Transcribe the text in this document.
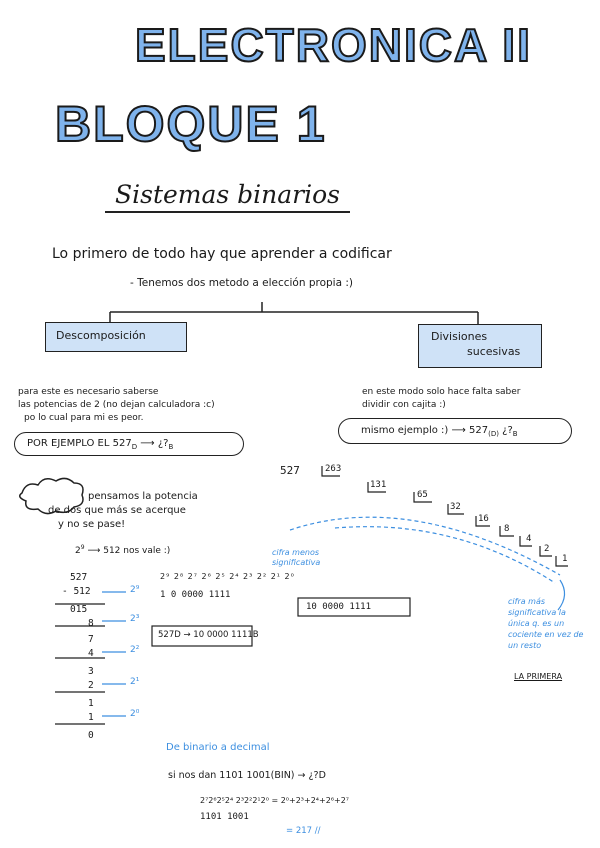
ELECTRONICA II
BLOQUE 1
Sistemas binarios
Lo primero de todo hay que aprender a codificar
- Tenemos dos metodo a elección propia :)
Descomposición	Divisiones
sucesivas
para este es necesario saberse
las potencias de 2 (no dejan calculadora :c)
po lo cual para mi es peor.
POR EJEMPLO EL $527_D$ ⟶ ¿$?_B$
en este modo solo hace falta saber
dividir con cajita :)
mismo ejemplo :) ⟶ $527_{(D)}$ ¿$?_B$
pensamos la potencia
de dos que más se acerque
y no se pase!
$2^9$ ⟶ 512 nos vale :)
527
- 512
015
8
7
4
3
2
1
1
0
2⁹
2³
2²
2¹
2⁰
2⁹ 2⁸ 2⁷ 2⁶ 2⁵ 2⁴ 2³ 2² 2¹ 2⁰
1 0 0000 1111
527D → 10 0000 1111B
527	263
131
65
32
16
8
4
2
1
10 0000 1111
cifra menos significativa
cifra más significativa la única q. es un cociente en vez de un resto
LA PRIMERA
De binario a decimal
si nos dan 1101 1001(BIN) → ¿?D
2⁷2⁶2⁵2⁴ 2³2²2¹2⁰ = 2⁰+2³+2⁴+2⁶+2⁷
1101 1001
= 217 //
